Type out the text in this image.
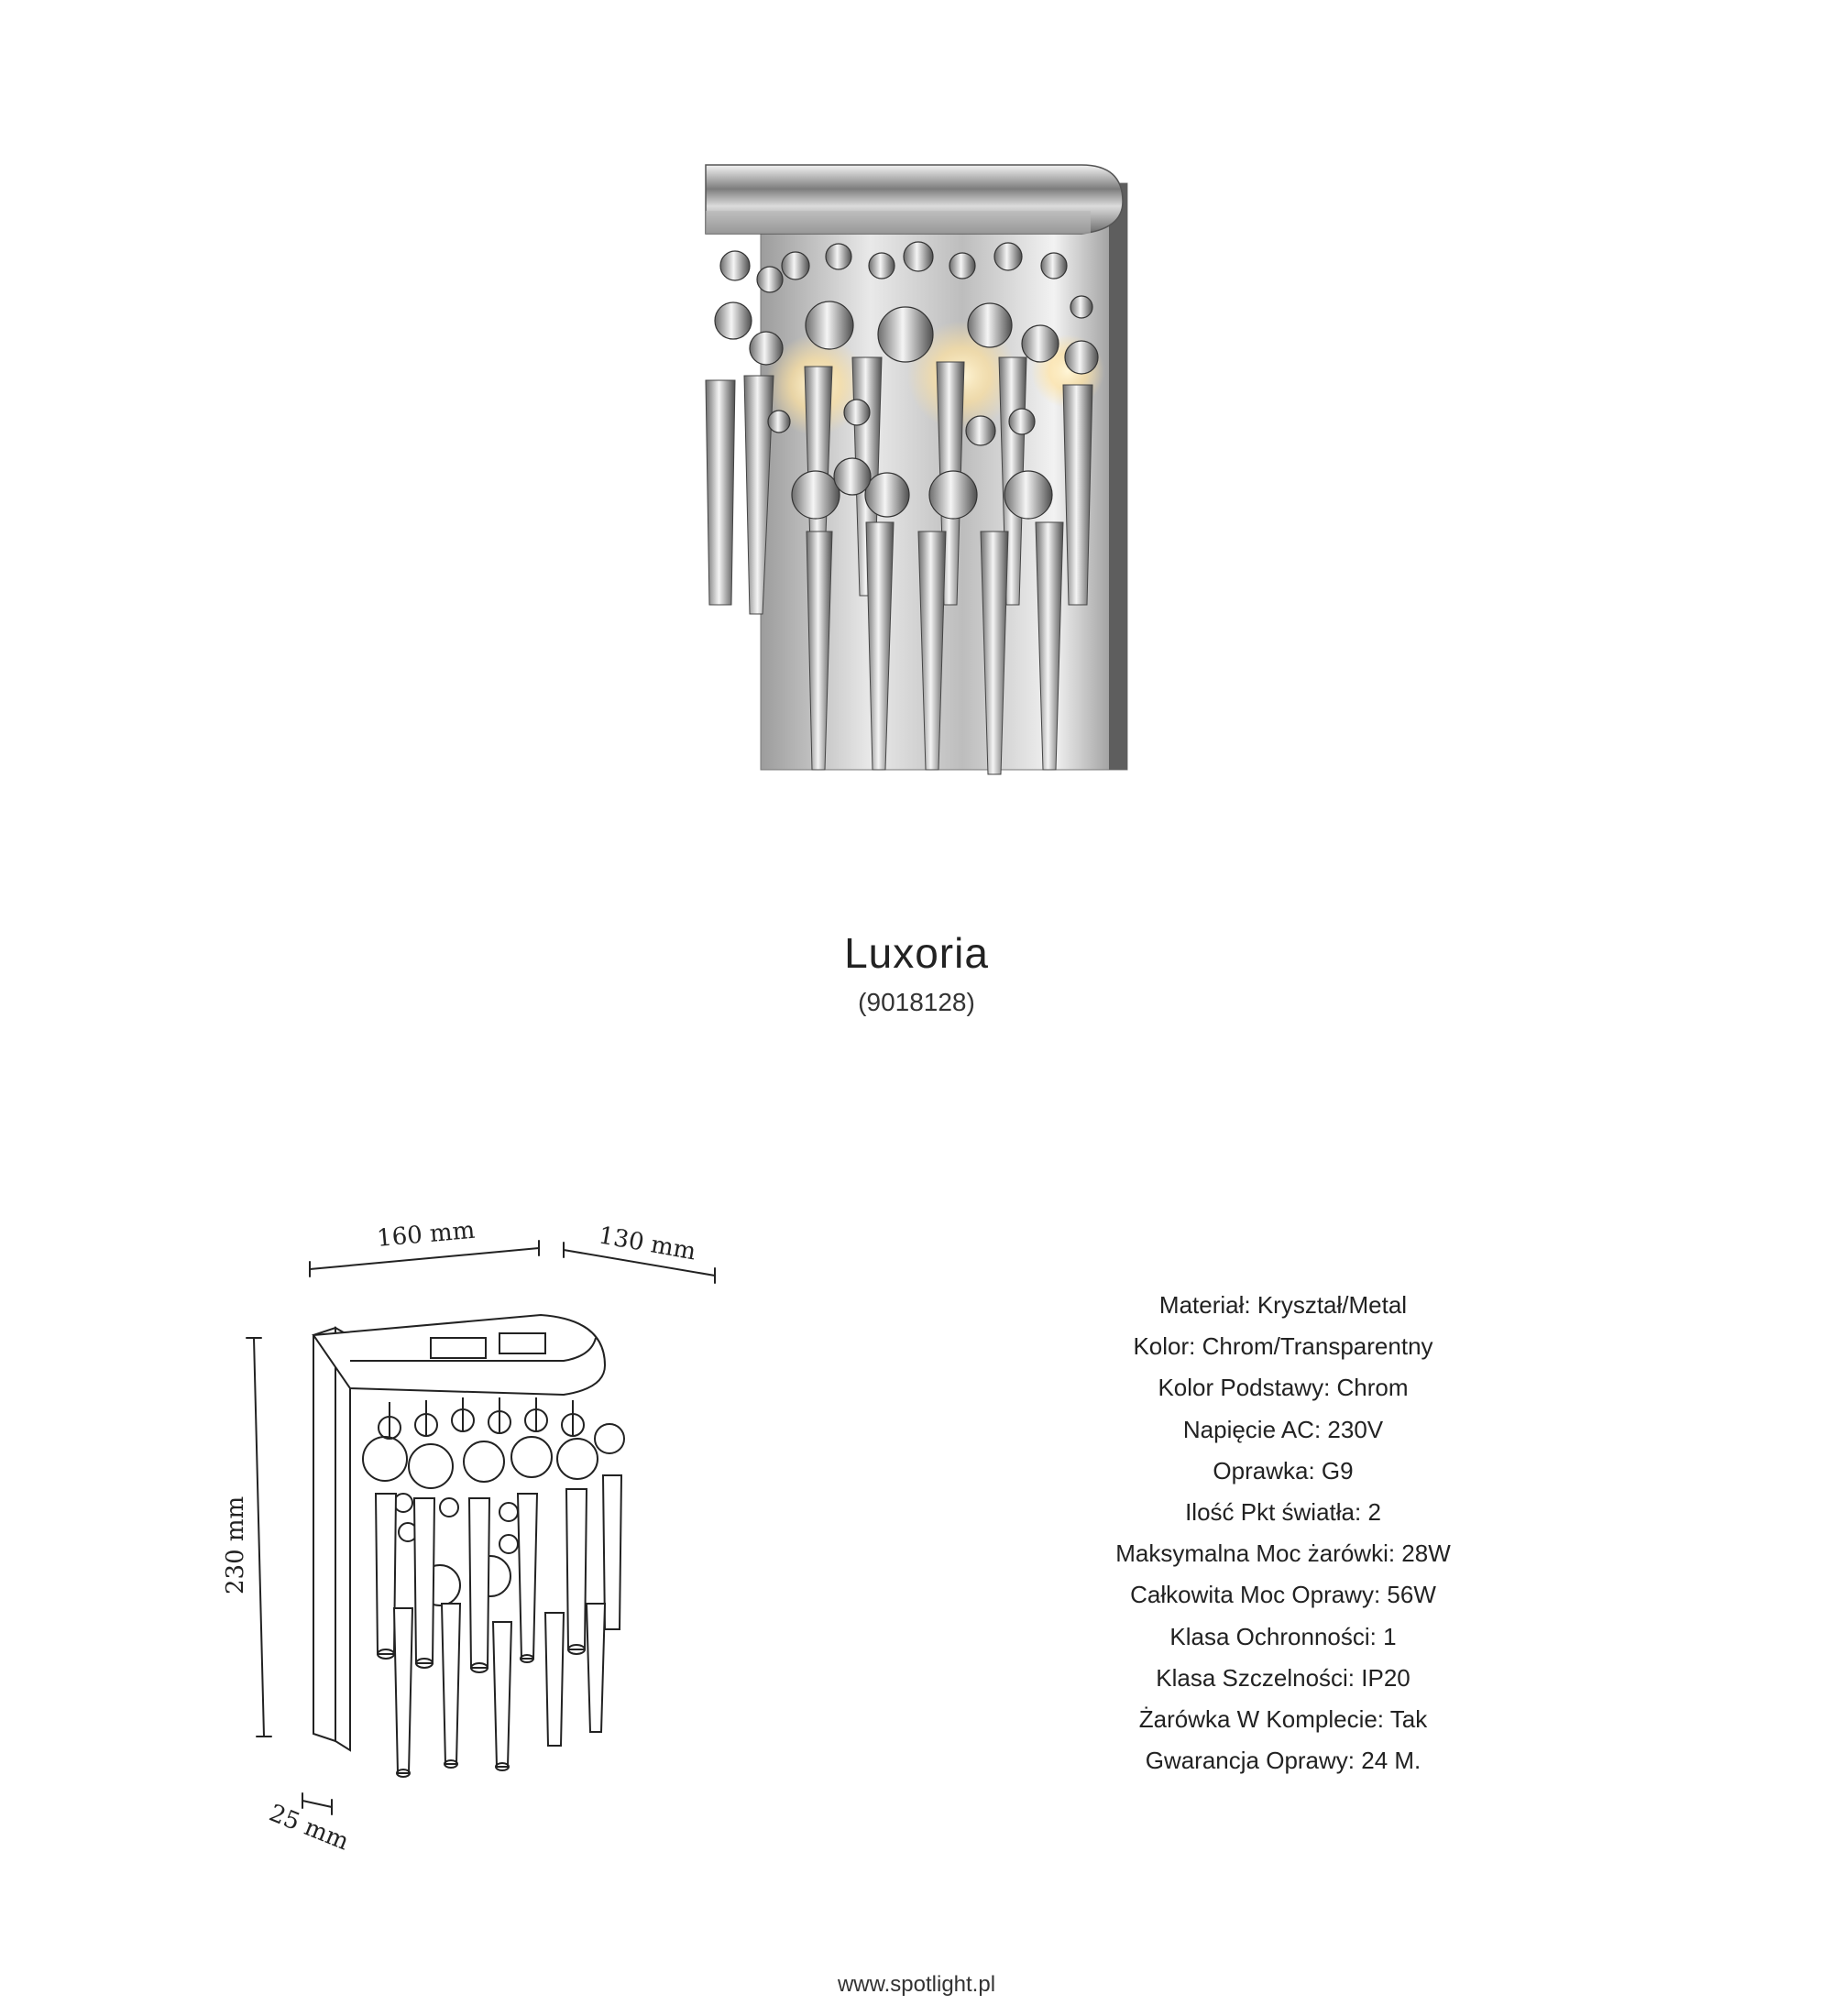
Luxoria
(9018128)
160 mm	130 mm
230 mm
25 mm
Materiał: Kryształ/Metal
Kolor: Chrom/Transparentny
Kolor Podstawy: Chrom
Napięcie AC: 230V
Oprawka: G9
Ilość Pkt światła: 2
Maksymalna Moc żarówki: 28W
Całkowita Moc Oprawy: 56W
Klasa Ochronności: 1
Klasa Szczelności: IP20
Żarówka W Komplecie: Tak
Gwarancja Oprawy: 24 M.
www.spotlight.pl
